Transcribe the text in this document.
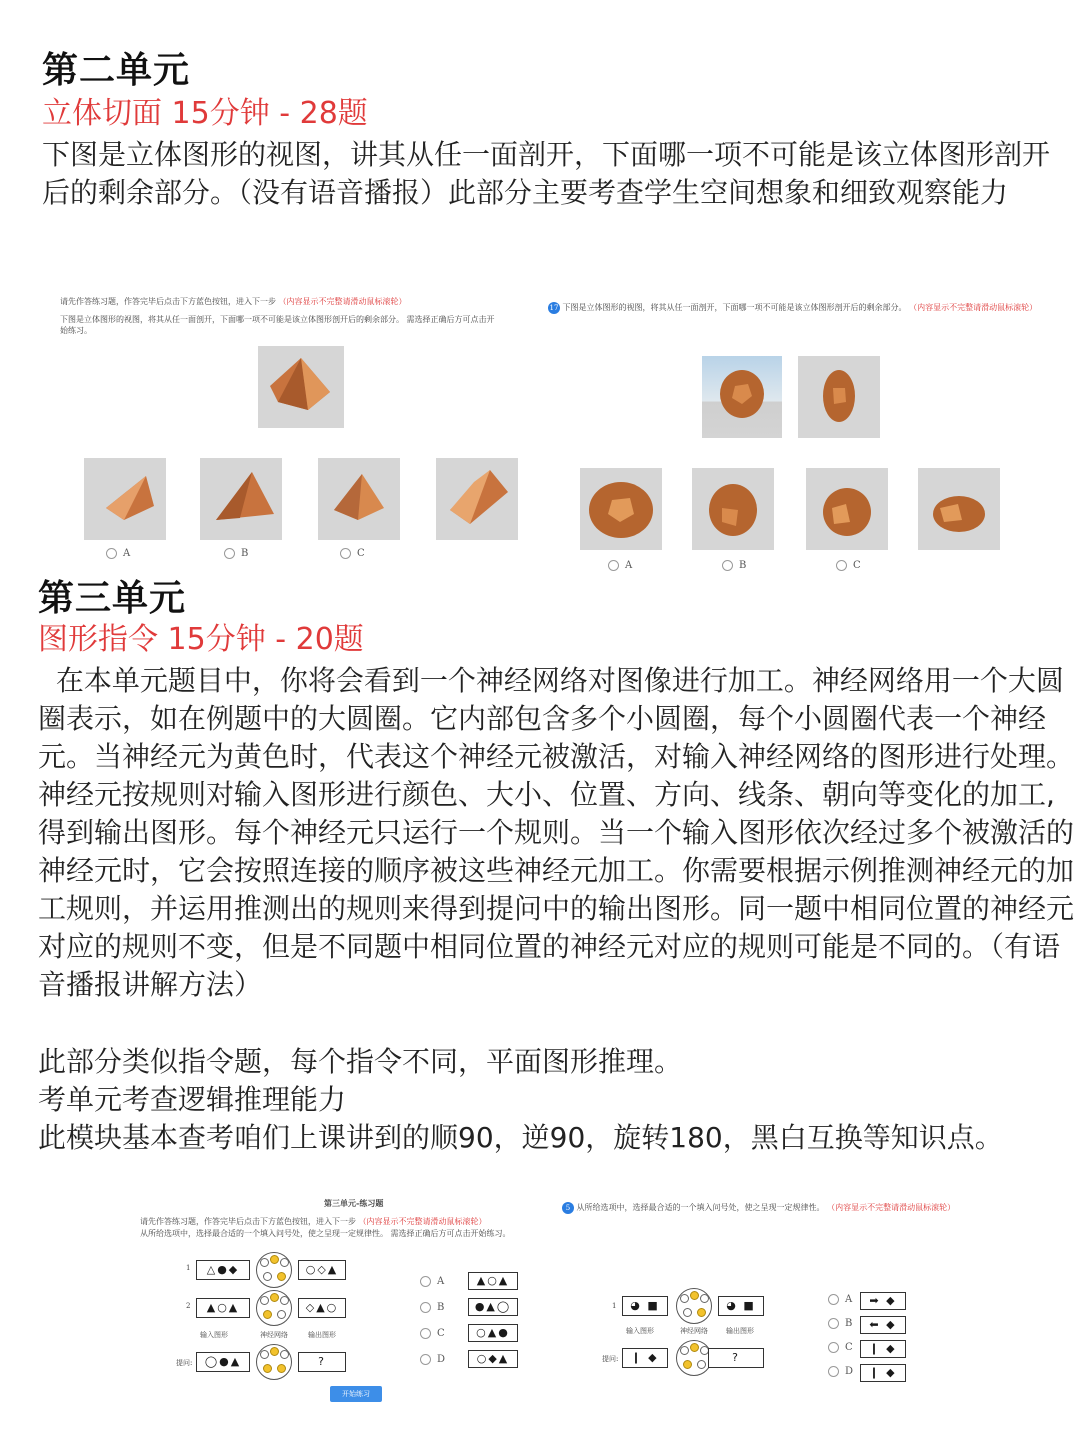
第二单元
立体切面 15分钟 - 28题
下图是立体图形的视图，讲其从任一面剖开，下面哪一项不可能是该立体图形剖开后的剩余部分。（没有语音播报）此部分主要考查学生空间想象和细致观察能力
请先作答练习题，作答完毕后点击下方蓝色按钮，进入下一步 （内容显示不完整请滑动鼠标滚轮）
下图是立体图形的视图，将其从任一面剖开，下面哪一项不可能是该立体图形剖开后的剩余部分。 需选择正确后方可点击开始练习。
A	B	C
17 下图是立体图形的视图，将其从任一面剖开，下面哪一项不可能是该立体图形剖开后的剩余部分。 （内容显示不完整请滑动鼠标滚轮）
A	B	C
第三单元
图形指令 15分钟 - 20题
在本单元题目中，你将会看到一个神经网络对图像进行加工。神经网络用一个大圆圈表示，如在例题中的大圆圈。它内部包含多个小圆圈，每个小圆圈代表一个神经元。当神经元为黄色时，代表这个神经元被激活，对输入神经网络的图形进行处理。神经元按规则对输入图形进行颜色、大小、位置、方向、线条、朝向等变化的加工,得到输出图形。每个神经元只运行一个规则。当一个输入图形依次经过多个被激活的神经元时，它会按照连接的顺序被这些神经元加工。你需要根据示例推测神经元的加工规则，并运用推测出的规则来得到提问中的输出图形。同一题中相同位置的神经元对应的规则不变，但是不同题中相同位置的神经元对应的规则可能是不同的。（有语音播报讲解方法）
此部分类似指令题，每个指令不同，平面图形推理。
考单元考查逻辑推理能力
此模块基本查考咱们上课讲到的顺90，逆90，旋转180，黑白互换等知识点。
第三单元-练习题
请先作答练习题，作答完毕后点击下方蓝色按钮，进入下一步 （内容显示不完整请滑动鼠标滚轮）
从所给选项中，选择最合适的一个填入问号处，使之呈现一定规律性。 需选择正确后方可点击开始练习。
1	△●◆	○◇▲
2	▲○▲	◇▲○
输入图形	神经网络	输出图形
提问:	◯●▲	?
A	▲○▲
B	●▲◯
C	○▲●
D	○◆▲
开始练习
5 从所给选项中，选择最合适的一个填入问号处，使之呈现一定规律性。 （内容显示不完整请滑动鼠标滚轮）
1	◕ ■	◕ ■
输入图形	神经网络	输出图形
提问:	❙ ◆	?
A	➡ ◆
B	⬅ ◆
C	❙ ◆
D	❙ ◆
